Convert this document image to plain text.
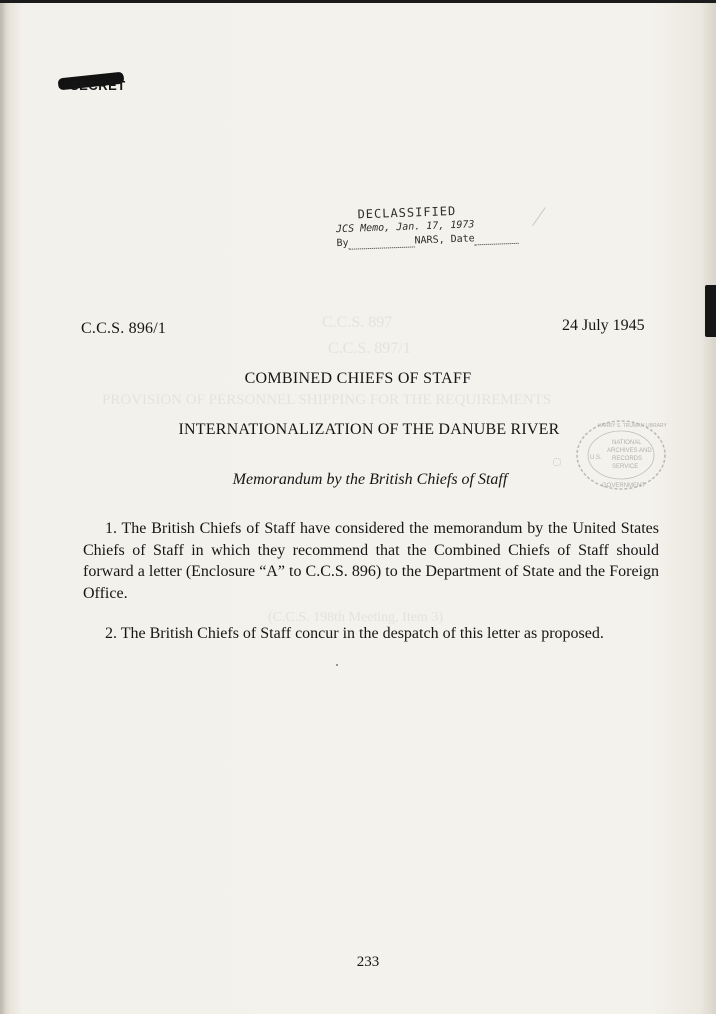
C.C.S. 897
C.C.S. 897/1
PROVISION OF PERSONNEL SHIPPING FOR THE REQUIREMENTS
(C.C.S. 198th Meeting, Item 3)
SECRET
DECLASSIFIED
JCS Memo, Jan. 17, 1973
By	NARS, Date
C.C.S. 896/1	24 July 1945
COMBINED CHIEFS OF STAFF
INTERNATIONALIZATION OF THE DANUBE RIVER
U.S.
NATIONAL
ARCHIVES AND
RECORDS
SERVICE
HARRY S. TRUMAN LIBRARY
GOVERNMENT
Memorandum by the British Chiefs of Staff
1. The British Chiefs of Staff have considered the memorandum by the United States Chiefs of Staff in which they recommend that the Combined Chiefs of Staff should forward a letter (Enclosure “A” to C.C.S. 896) to the Department of State and the Foreign Office.
2. The British Chiefs of Staff concur in the despatch of this letter as proposed.
233
